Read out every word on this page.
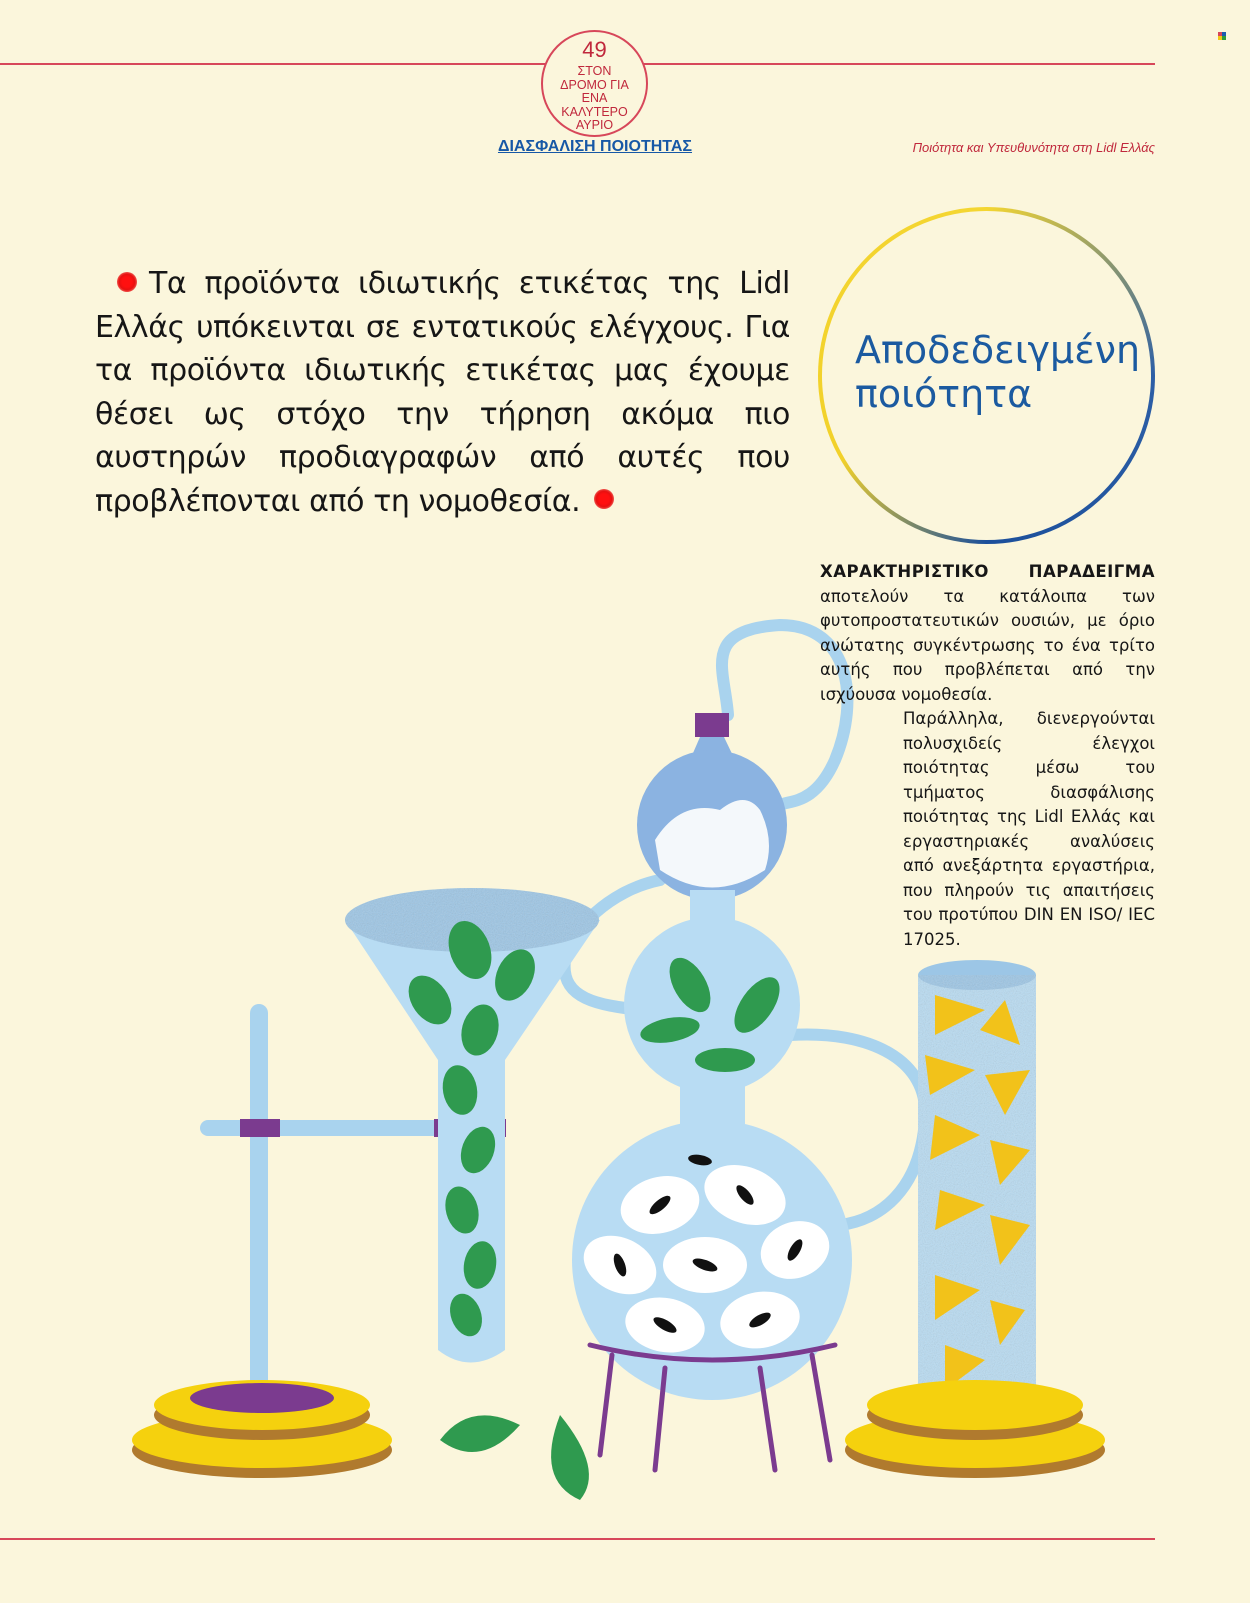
49
ΣΤΟΝ ΔΡΟΜΟ ΓΙΑ ΕΝΑ ΚΑΛΥΤΕΡΟ ΑΥΡΙΟ
ΔΙΑΣΦΑΛΙΣΗ ΠΟΙΟΤΗΤΑΣ	Ποιότητα και Υπευθυνότητα στη Lidl Ελλάς
Τα προϊόντα ιδιωτικής ετικέτας της Lidl Ελλάς υπόκεινται σε εντατικούς ελέγχους. Για τα προϊόντα ιδιωτικής ετικέτας μας έχουμε θέσει ως στόχο την τήρηση ακόμα πιο αυστηρών προδιαγραφών από αυτές που προβλέπονται από τη νομοθεσία.
Αποδεδειγμένη ποιότητα
ΧΑΡΑΚΤΗΡΙΣΤΙΚΟ ΠΑΡΑΔΕΙΓΜΑ
αποτελούν τα κατάλοιπα των φυτοπροστατευτικών ουσιών, με όριο ανώτατης συγκέντρωσης το ένα τρίτο αυτής που προβλέπεται από την ισχύουσα νομοθεσία.
Παράλληλα, διενεργούνται πολυσχιδείς έλεγχοι ποιότητας μέσω του τμήματος διασφάλισης ποιότητας της Lidl Ελλάς και εργαστηριακές αναλύσεις από ανεξάρτητα εργαστήρια, που πληρούν τις απαιτήσεις του προτύπου DIN EN ISO/ IEC 17025.
